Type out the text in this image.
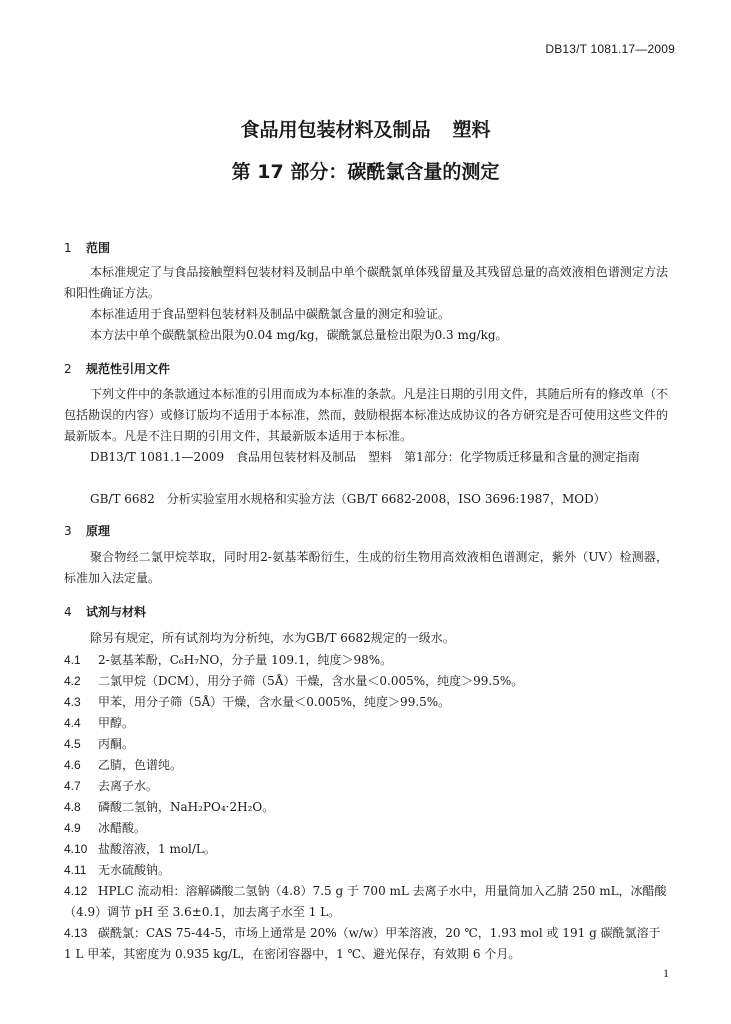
DB13/T 1081.17—2009
食品用包装材料及制品 塑料
第 17 部分：碳酰氯含量的测定
1 范围
本标准规定了与食品接触塑料包装材料及制品中单个碳酰氯单体残留量及其残留总量的高效液相色谱测定方法和阳性确证方法。
本标准适用于食品塑料包装材料及制品中碳酰氯含量的测定和验证。
本方法中单个碳酰氯检出限为0.04 mg/kg，碳酰氯总量检出限为0.3 mg/kg。
2 规范性引用文件
下列文件中的条款通过本标准的引用而成为本标准的条款。凡是注日期的引用文件，其随后所有的修改单（不包括勘误的内容）或修订版均不适用于本标准，然而，鼓励根据本标准达成协议的各方研究是否可使用这些文件的最新版本。凡是不注日期的引用文件，其最新版本适用于本标准。
DB13/T 1081.1—2009　食品用包装材料及制品　塑料　第1部分：化学物质迁移量和含量的测定指南
GB/T 6682　分析实验室用水规格和实验方法（GB/T 6682-2008，ISO 3696:1987，MOD）
3 原理
聚合物经二氯甲烷萃取，同时用2-氨基苯酚衍生，生成的衍生物用高效液相色谱测定，紫外（UV）检测器，标准加入法定量。
4 试剂与材料
除另有规定，所有试剂均为分析纯，水为GB/T 6682规定的一级水。
4.1 2-氨基苯酚，C₆H₇NO，分子量 109.1，纯度＞98%。
4.2 二氯甲烷（DCM），用分子筛（5Å）干燥，含水量＜0.005%，纯度＞99.5%。
4.3 甲苯，用分子筛（5Å）干燥，含水量＜0.005%，纯度＞99.5%。
4.4 甲醇。
4.5 丙酮。
4.6 乙腈，色谱纯。
4.7 去离子水。
4.8 磷酸二氢钠，NaH₂PO₄·2H₂O。
4.9 冰醋酸。
4.10 盐酸溶液，1 mol/L。
4.11 无水硫酸钠。
4.12 HPLC 流动相：溶解磷酸二氢钠（4.8）7.5 g 于 700 mL 去离子水中，用量筒加入乙腈 250 mL，冰醋酸（4.9）调节 pH 至 3.6±0.1，加去离子水至 1 L。
4.13 碳酰氯：CAS 75-44-5，市场上通常是 20%（w/w）甲苯溶液，20 ℃，1.93 mol 或 191 g 碳酰氯溶于 1 L 甲苯，其密度为 0.935 kg/L，在密闭容器中，1 ℃、避光保存，有效期 6 个月。
1
